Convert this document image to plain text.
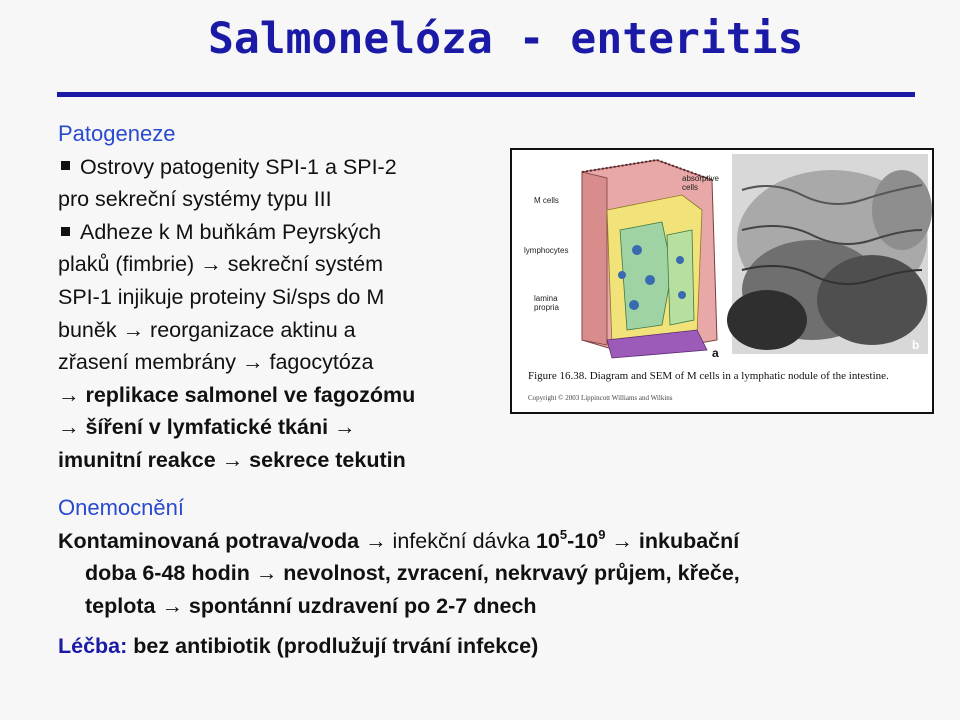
Salmonelóza - enteritis
Patogeneze
Ostrovy patogenity SPI-1 a SPI-2
pro sekreční systémy typu III
Adheze k M buňkám Peyrských
plaků (fimbrie) → sekreční systém
SPI-1 injikuje proteiny Si/sps do M
buněk → reorganizace aktinu a
zřasení membrány → fagocytóza
→ replikace salmonel ve fagozómu
→ šíření v lymfatické tkáni →
imunitní reakce → sekrece tekutin
M cells
absorptive cells
lymphocytes
lamina propria
a
b
Figure 16.38. Diagram and SEM of M cells in a lymphatic nodule of the intestine.
Copyright © 2003 Lippincott Williams and Wilkins
Onemocnění
Kontaminovaná potrava/voda → infekční dávka $10^5-10^9$ → inkubační
doba 6-48 hodin → nevolnost, zvracení, nekrvavý průjem, křeče,
teplota → spontánní uzdravení po 2-7 dnech
Léčba: bez antibiotik (prodlužují trvání infekce)
